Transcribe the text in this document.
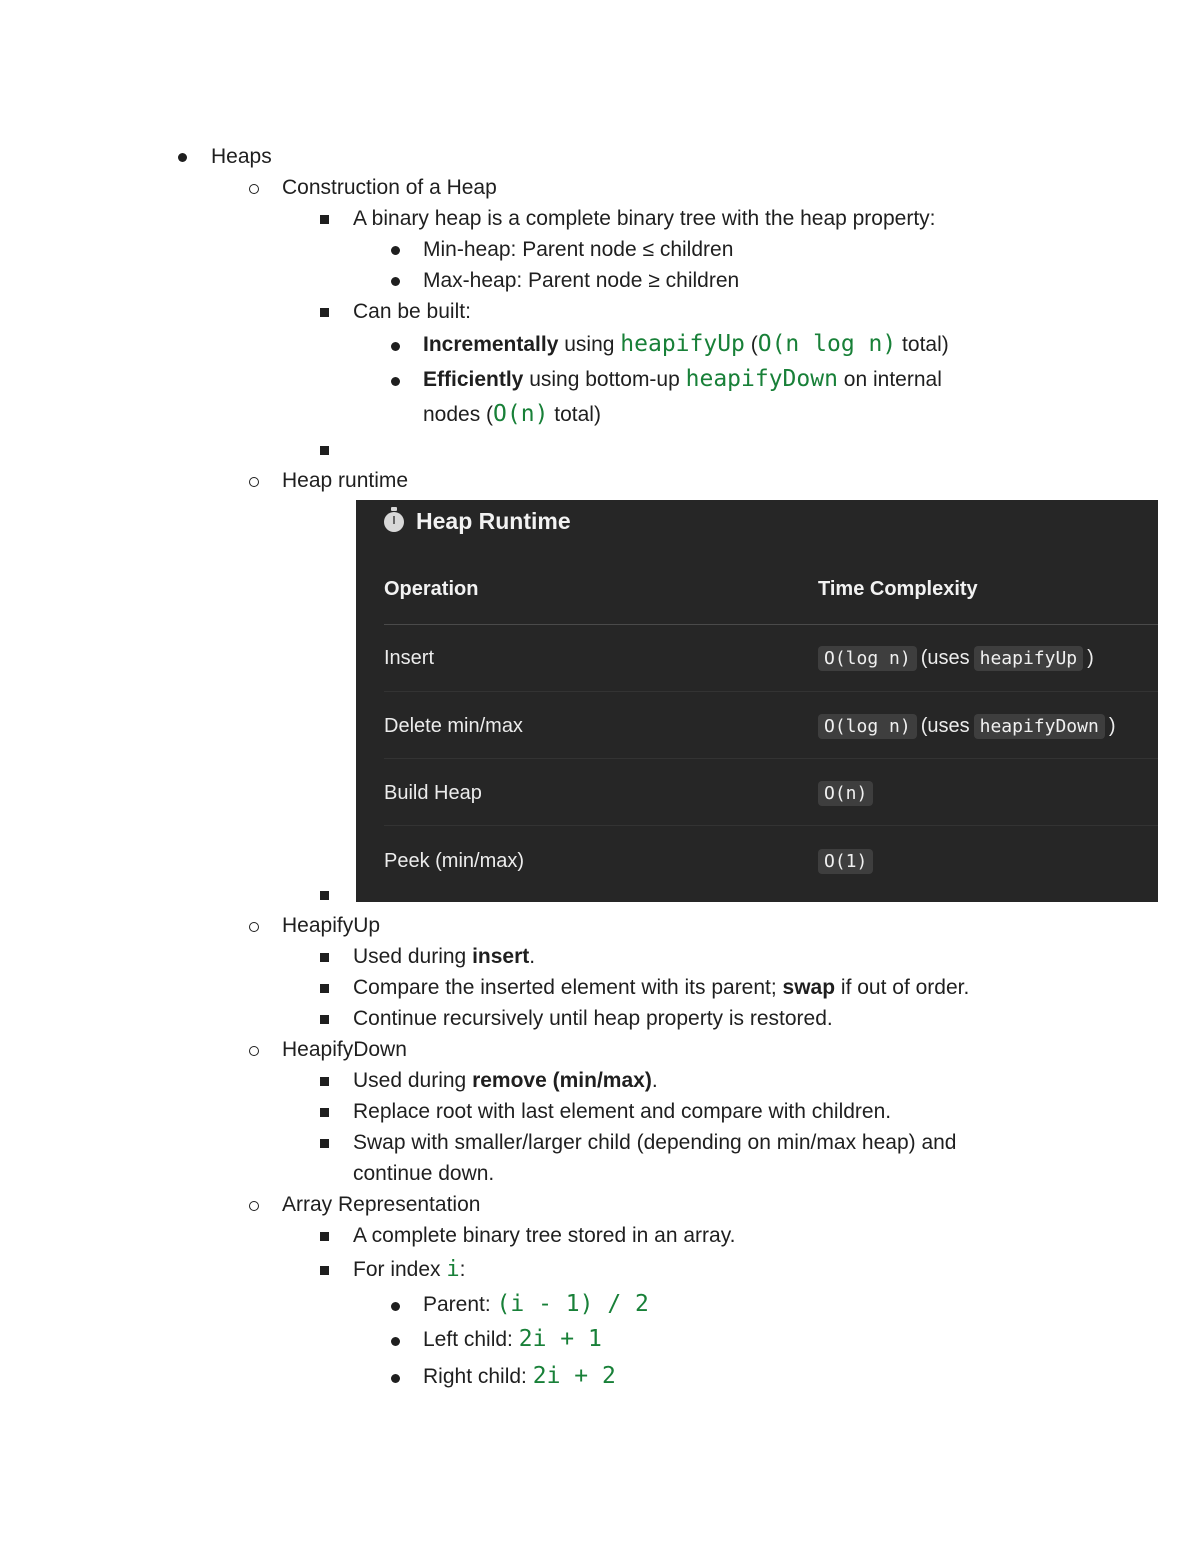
Heaps
Construction of a Heap
A binary heap is a complete binary tree with the heap property:
Min-heap: Parent node ≤ children
Max-heap: Parent node ≥ children
Can be built:
Incrementally using heapifyUp (O(n log n) total)
Efficiently using bottom-up heapifyDown on internal
nodes (O(n) total)
Heap runtime
Heap Runtime
Operation	Time Complexity
Insert	O(log n) (uses heapifyUp )
Delete min/max	O(log n) (uses heapifyDown )
Build Heap	O(n)
Peek (min/max)	O(1)
HeapifyUp
Used during insert.
Compare the inserted element with its parent; swap if out of order.
Continue recursively until heap property is restored.
HeapifyDown
Used during remove (min/max).
Replace root with last element and compare with children.
Swap with smaller/larger child (depending on min/max heap) and
continue down.
Array Representation
A complete binary tree stored in an array.
For index i:
Parent: (i - 1) / 2
Left child: 2i + 1
Right child: 2i + 2
